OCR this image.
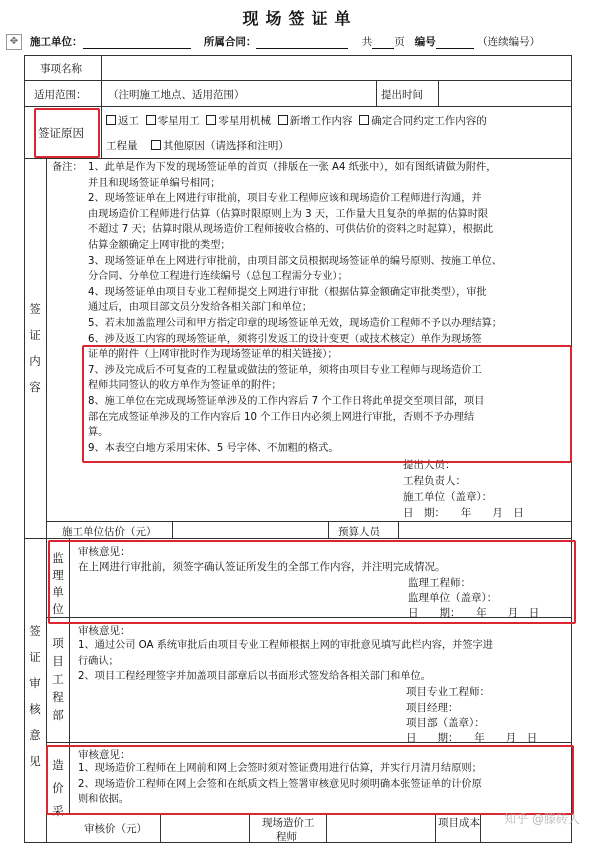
现场签证单
✥	施工单位：	所属合同：	共 页 编号	（连续编号）
事项名称
适用范围： （注明施工地点、适用范围）	提出时间
签证原因
返工 零星用工 零星用机械 新增工作内容 确定合同约定工作内容的
工程量 其他原因（请选择和注明）
签
证
内
容
备注： 1、此单是作为下发的现场签证单的首页（排版在一张 A4 纸张中），如有图纸请做为附件，
并且和现场签证单编号相同；
2、现场签证单在上网进行审批前，项目专业工程师应该和现场造价工程师进行沟通，并
由现场造价工程师进行估算（估算时限原则上为 3 天，工作量大且复杂的单据的估算时限
不超过 7 天；估算时限从现场造价工程师接收合格的、可供估价的资料之时起算），根据此
估算金额确定上网审批的类型；
3、现场签证单在上网进行审批前，由项目部文员根据现场签证单的编号原则、按施工单位、
分合同、分单位工程进行连续编号（总包工程需分专业）；
4、现场签证单由项目专业工程师提交上网进行审批（根据估算金额确定审批类型），审批
通过后，由项目部文员分发给各相关部门和单位；
5、若未加盖监理公司和甲方指定印章的现场签证单无效，现场造价工程师不予以办理结算；
6、涉及返工内容的现场签证单，须将引发返工的设计变更（或技术核定）单作为现场签
证单的附件（上网审批时作为现场签证单的相关链接）；
7、涉及完成后不可复查的工程量或做法的签证单，须将由项目专业工程师与现场造价工
程师共同签认的收方单作为签证单的附件；
8、施工单位在完成现场签证单涉及的工作内容后 7 个工作日将此单提交至项目部，项目
部在完成签证单涉及的工作内容后 10 个工作日内必须上网进行审批，否则不予办理结
算。
9、本表空白地方采用宋体、5 号字体、不加粗的格式。
提出人员：
工程负责人：
施工单位（盖章）：
日　期：　　年　　月　日
施工单位估价（元）	预算人员
签
证
审
核
意
见
监
理
单
位
审核意见：
在上网进行审批前，须签字确认签证所发生的全部工作内容，并注明完成情况。
监理工程师：
监理单位（盖章）：
日　　期：　　年　　月　日
项
目
工
程
部
审核意见：
1、通过公司 OA 系统审批后由项目专业工程师根据上网的审批意见填写此栏内容，并签字进
行确认；
2、项目工程经理签字并加盖项目部章后以书面形式签发给各相关部门和单位。
项目专业工程师：
项目经理：
项目部（盖章）：
日　　期：　　年　　月　日
造
价
采
审核意见：
1、现场造价工程师在上网前和网上会签时须对签证费用进行估算，并实行月清月结原则；
2、现场造价工程师在网上会签和在纸质文档上签署审核意见时须明确本张签证单的计价原
则和依据。
审核价（元）	现场造价工
程师
项目成本 知乎 @滕砖人
